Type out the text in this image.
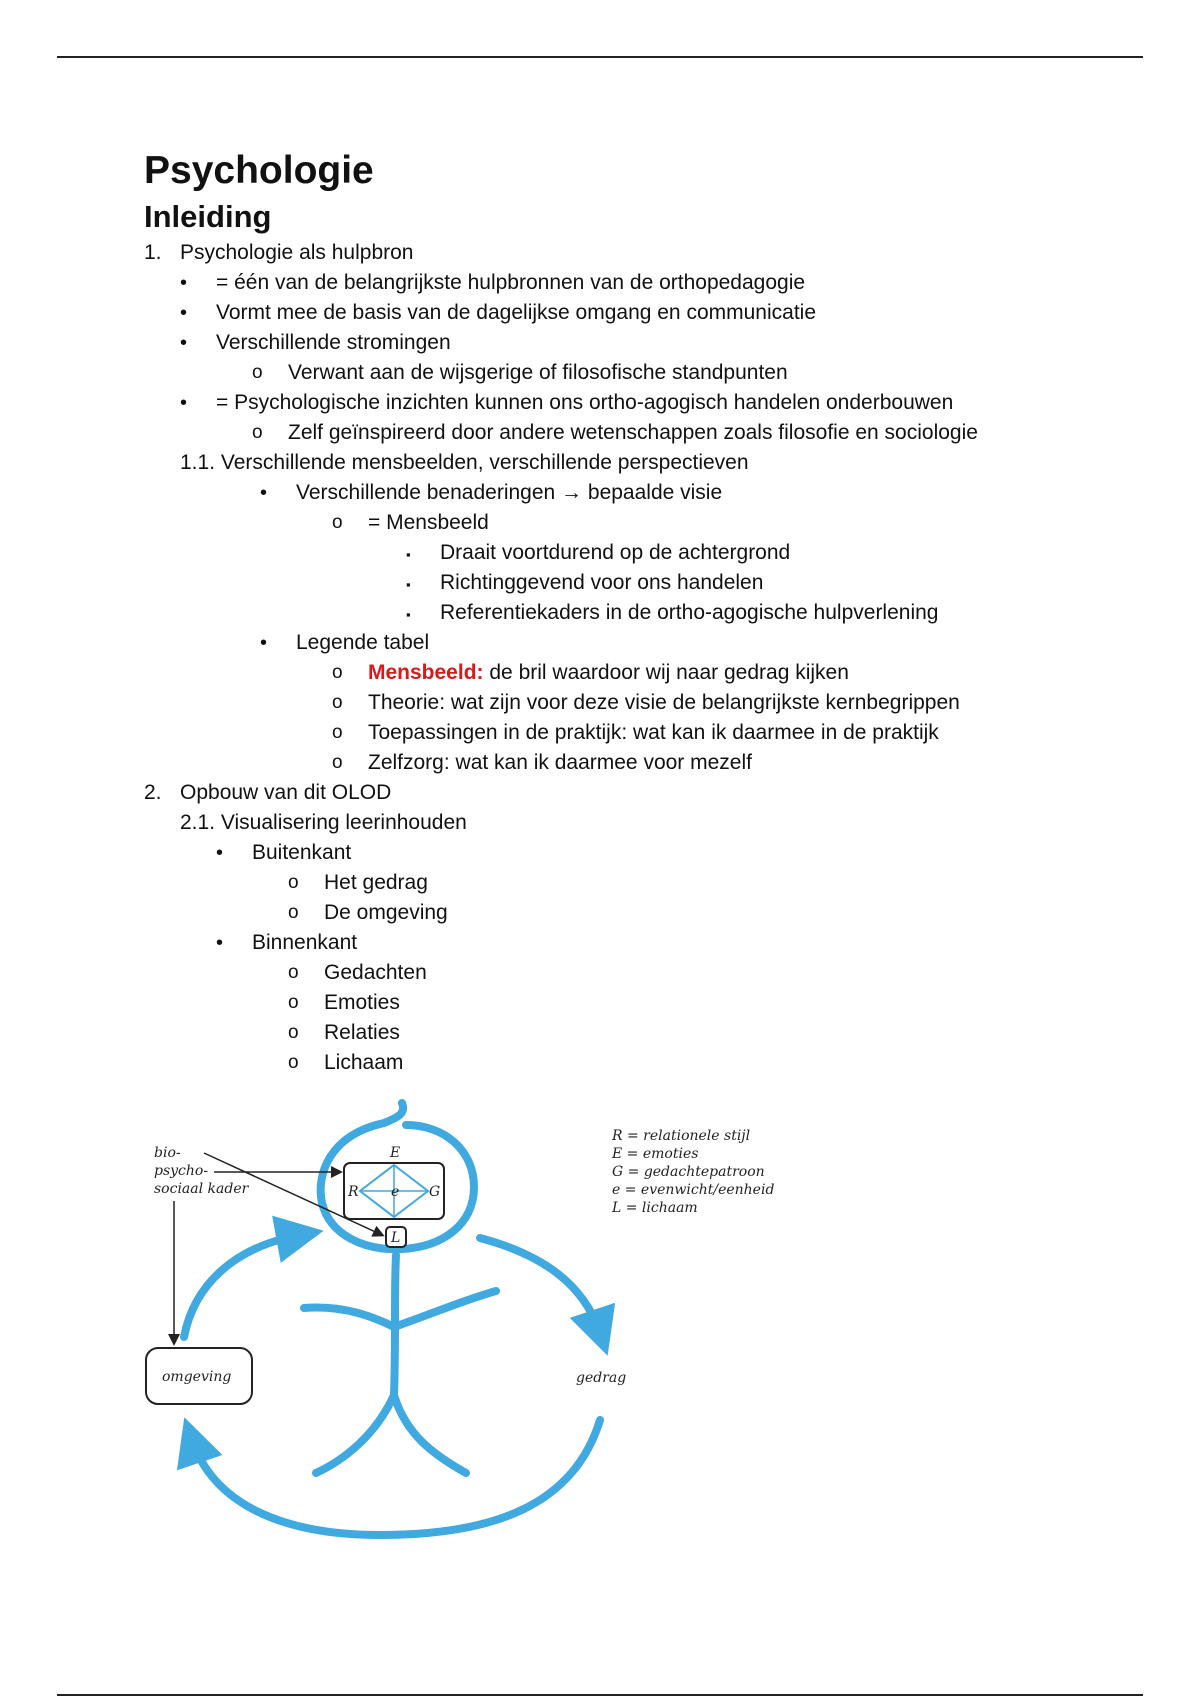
Psychologie
Inleiding
1. Psychologie als hulpbron
• = één van de belangrijkste hulpbronnen van de orthopedagogie
• Vormt mee de basis van de dagelijkse omgang en communicatie
• Verschillende stromingen
o Verwant aan de wijsgerige of filosofische standpunten
• = Psychologische inzichten kunnen ons ortho-agogisch handelen onderbouwen
o Zelf geïnspireerd door andere wetenschappen zoals filosofie en sociologie
1.1. Verschillende mensbeelden, verschillende perspectieven
• Verschillende benaderingen → bepaalde visie
o = Mensbeeld
▪ Draait voortdurend op de achtergrond
▪ Richtinggevend voor ons handelen
▪ Referentiekaders in de ortho-agogische hulpverlening
• Legende tabel
o Mensbeeld: de bril waardoor wij naar gedrag kijken
o Theorie: wat zijn voor deze visie de belangrijkste kernbegrippen
o Toepassingen in de praktijk: wat kan ik daarmee in de praktijk
o Zelfzorg: wat kan ik daarmee voor mezelf
2. Opbouw van dit OLOD
2.1. Visualisering leerinhouden
• Buitenkant
o Het gedrag
o De omgeving
• Binnenkant
o Gedachten
o Emoties
o Relaties
o Lichaam
E
R	G
e
L
bio-
psycho-
sociaal kader
omgeving	gedrag
R = relationele stijl
E = emoties
G = gedachtepatroon
e = evenwicht/eenheid
L = lichaam
